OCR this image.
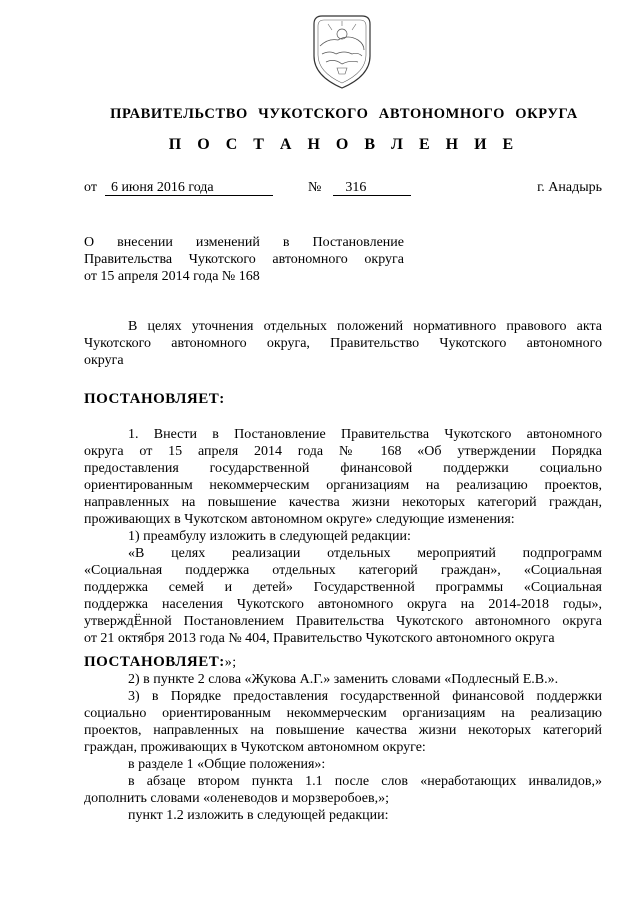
ПРАВИТЕЛЬСТВО ЧУКОТСКОГО АВТОНОМНОГО ОКРУГА
П О С Т А Н О В Л Е Н И Е
от 6 июня 2016 года	№ 316	г. Анадырь
О внесении изменений в Постановление
Правительства Чукотского автономного округа
от 15 апреля 2014 года № 168

В целях уточнения отдельных положений нормативного правового акта

Чукотского автономного округа, Правительство Чукотского автономного

округа

ПОСТАНОВЛЯЕТ:

1. Внести в Постановление Правительства Чукотского автономного

округа от 15 апреля 2014 года № 168 «Об утверждении Порядка

предоставления государственной финансовой поддержки социально

ориентированным некоммерческим организациям на реализацию проектов,

направленных на повышение качества жизни некоторых категорий граждан,

проживающих в Чукотском автономном округе» следующие изменения:

1) преамбулу изложить в следующей редакции:

«В целях реализации отдельных мероприятий подпрограмм

«Социальная поддержка отдельных категорий граждан», «Социальная

поддержка семей и детей» Государственной программы «Социальная

поддержка населения Чукотского автономного округа на 2014-2018 годы»,

утверждЁнной Постановлением Правительства Чукотского автономного округа

от 21 октября 2013 года № 404, Правительство Чукотского автономного округа

ПОСТАНОВЛЯЕТ:»;

2) в пункте 2 слова «Жукова А.Г.» заменить словами «Подлесный Е.В.».

3) в Порядке предоставления государственной финансовой поддержки

социально ориентированным некоммерческим организациям на реализацию

проектов, направленных на повышение качества жизни некоторых категорий

граждан, проживающих в Чукотском автономном округе:

в разделе 1 «Общие положения»:

в абзаце втором пункта 1.1 после слов «неработающих инвалидов,»

дополнить словами «оленеводов и морзверобоев,»;

пункт 1.2 изложить в следующей редакции:
